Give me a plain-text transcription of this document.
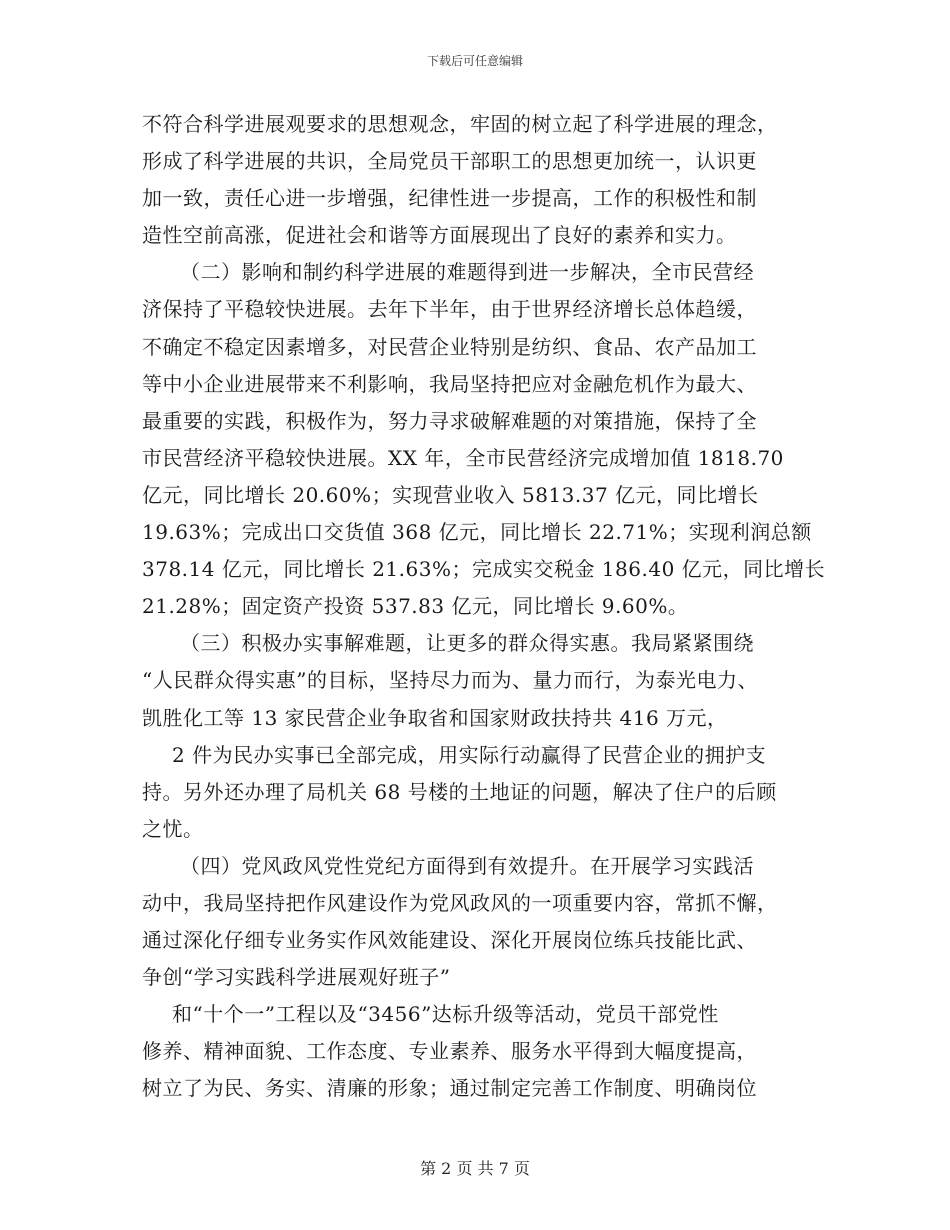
下载后可任意编辑
不符合科学进展观要求的思想观念，牢固的树立起了科学进展的理念，
形成了科学进展的共识，全局党员干部职工的思想更加统一，认识更
加一致，责任心进一步增强，纪律性进一步提高，工作的积极性和制
造性空前高涨，促进社会和谐等方面展现出了良好的素养和实力。
（二）影响和制约科学进展的难题得到进一步解决，全市民营经
济保持了平稳较快进展。去年下半年，由于世界经济增长总体趋缓，
不确定不稳定因素增多，对民营企业特别是纺织、食品、农产品加工
等中小企业进展带来不利影响，我局坚持把应对金融危机作为最大、
最重要的实践，积极作为，努力寻求破解难题的对策措施，保持了全
市民营经济平稳较快进展。XX 年，全市民营经济完成增加值 1818.70
亿元，同比增长 20.60%；实现营业收入 5813.37 亿元，同比增长
19.63%；完成出口交货值 368 亿元，同比增长 22.71%；实现利润总额
378.14 亿元，同比增长 21.63%；完成实交税金 186.40 亿元，同比增长
21.28%；固定资产投资 537.83 亿元，同比增长 9.60%。
（三）积极办实事解难题，让更多的群众得实惠。我局紧紧围绕
“人民群众得实惠”的目标，坚持尽力而为、量力而行，为泰光电力、
凯胜化工等 13 家民营企业争取省和国家财政扶持共 416 万元，
2 件为民办实事已全部完成，用实际行动赢得了民营企业的拥护支
持。另外还办理了局机关 68 号楼的土地证的问题，解决了住户的后顾
之忧。
（四）党风政风党性党纪方面得到有效提升。在开展学习实践活
动中，我局坚持把作风建设作为党风政风的一项重要内容，常抓不懈，
通过深化仔细专业务实作风效能建设、深化开展岗位练兵技能比武、
争创“学习实践科学进展观好班子”
和“十个一”工程以及“3456”达标升级等活动，党员干部党性
修养、精神面貌、工作态度、专业素养、服务水平得到大幅度提高，
树立了为民、务实、清廉的形象；通过制定完善工作制度、明确岗位
第 2 页 共 7 页
